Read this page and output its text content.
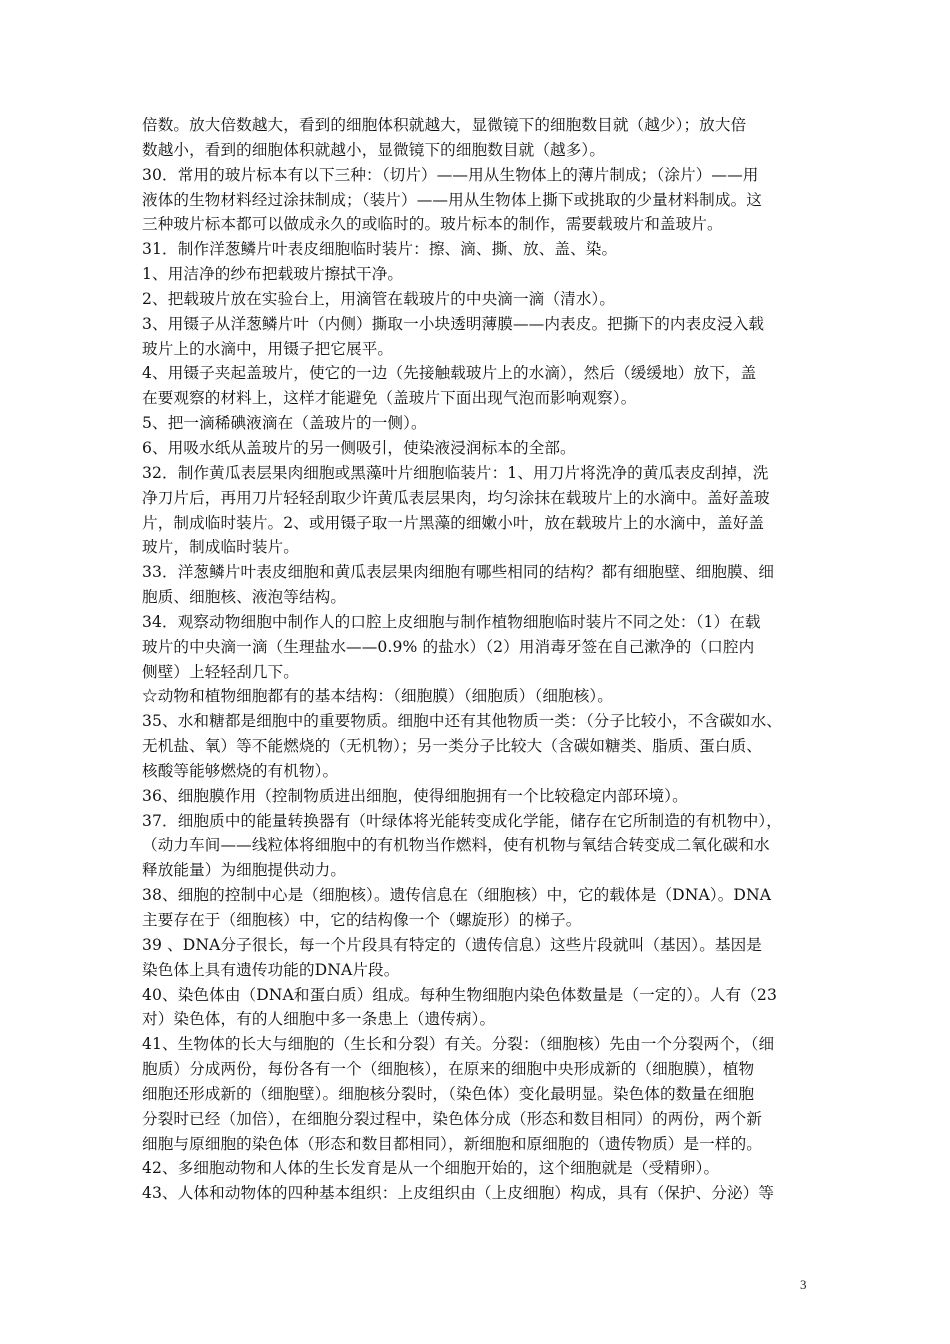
倍数。放大倍数越大，看到的细胞体积就越大，显微镜下的细胞数目就（越少）；放大倍
数越小，看到的细胞体积就越小，显微镜下的细胞数目就（越多）。
30．常用的玻片标本有以下三种：（切片）——用从生物体上的薄片制成；（涂片）——用
液体的生物材料经过涂抹制成；（装片）——用从生物体上撕下或挑取的少量材料制成。这
三种玻片标本都可以做成永久的或临时的。玻片标本的制作，需要载玻片和盖玻片。
31．制作洋葱鳞片叶表皮细胞临时装片：擦、滴、撕、放、盖、染。
1、用洁净的纱布把载玻片擦拭干净。
2、把载玻片放在实验台上，用滴管在载玻片的中央滴一滴（清水）。
3、用镊子从洋葱鳞片叶（内侧）撕取一小块透明薄膜——内表皮。把撕下的内表皮浸入载
玻片上的水滴中，用镊子把它展平。
4、用镊子夹起盖玻片，使它的一边（先接触载玻片上的水滴），然后（缓缓地）放下，盖
在要观察的材料上，这样才能避免（盖玻片下面出现气泡而影响观察）。
5、把一滴稀碘液滴在（盖玻片的一侧）。
6、用吸水纸从盖玻片的另一侧吸引，使染液浸润标本的全部。
32．制作黄瓜表层果肉细胞或黑藻叶片细胞临装片：1、用刀片将洗净的黄瓜表皮刮掉，洗
净刀片后，再用刀片轻轻刮取少许黄瓜表层果肉，均匀涂抹在载玻片上的水滴中。盖好盖玻
片，制成临时装片。2、或用镊子取一片黑藻的细嫩小叶，放在载玻片上的水滴中，盖好盖
玻片，制成临时装片。
33．洋葱鳞片叶表皮细胞和黄瓜表层果肉细胞有哪些相同的结构？都有细胞壁、细胞膜、细
胞质、细胞核、液泡等结构。
34．观察动物细胞中制作人的口腔上皮细胞与制作植物细胞临时装片不同之处：（1）在载
玻片的中央滴一滴（生理盐水——0.9% 的盐水）（2）用消毒牙签在自己漱净的（口腔内
侧壁）上轻轻刮几下。
☆动物和植物细胞都有的基本结构：（细胞膜）（细胞质）（细胞核）。
35、水和糖都是细胞中的重要物质。细胞中还有其他物质一类：（分子比较小，不含碳如水、
无机盐、氧）等不能燃烧的（无机物）；另一类分子比较大（含碳如糖类、脂质、蛋白质、
核酸等能够燃烧的有机物）。
36、细胞膜作用（控制物质进出细胞，使得细胞拥有一个比较稳定内部环境）。
37．细胞质中的能量转换器有（叶绿体将光能转变成化学能，储存在它所制造的有机物中），
（动力车间——线粒体将细胞中的有机物当作燃料，使有机物与氧结合转变成二氧化碳和水
释放能量）为细胞提供动力。
38、细胞的控制中心是（细胞核）。遗传信息在（细胞核）中，它的载体是（DNA）。DNA
主要存在于（细胞核）中，它的结构像一个（螺旋形）的梯子。
39 、DNA分子很长，每一个片段具有特定的（遗传信息）这些片段就叫（基因）。基因是
染色体上具有遗传功能的DNA片段。
40、染色体由（DNA和蛋白质）组成。每种生物细胞内染色体数量是（一定的）。人有（23
对）染色体，有的人细胞中多一条患上（遗传病）。
41、生物体的长大与细胞的（生长和分裂）有关。分裂：（细胞核）先由一个分裂两个，（细
胞质）分成两份，每份各有一个（细胞核），在原来的细胞中央形成新的（细胞膜），植物
细胞还形成新的（细胞壁）。细胞核分裂时，（染色体）变化最明显。染色体的数量在细胞
分裂时已经（加倍），在细胞分裂过程中，染色体分成（形态和数目相同）的两份，两个新
细胞与原细胞的染色体（形态和数目都相同），新细胞和原细胞的（遗传物质）是一样的。
42、多细胞动物和人体的生长发育是从一个细胞开始的，这个细胞就是（受精卵）。
43、人体和动物体的四种基本组织：上皮组织由（上皮细胞）构成，具有（保护、分泌）等
3
